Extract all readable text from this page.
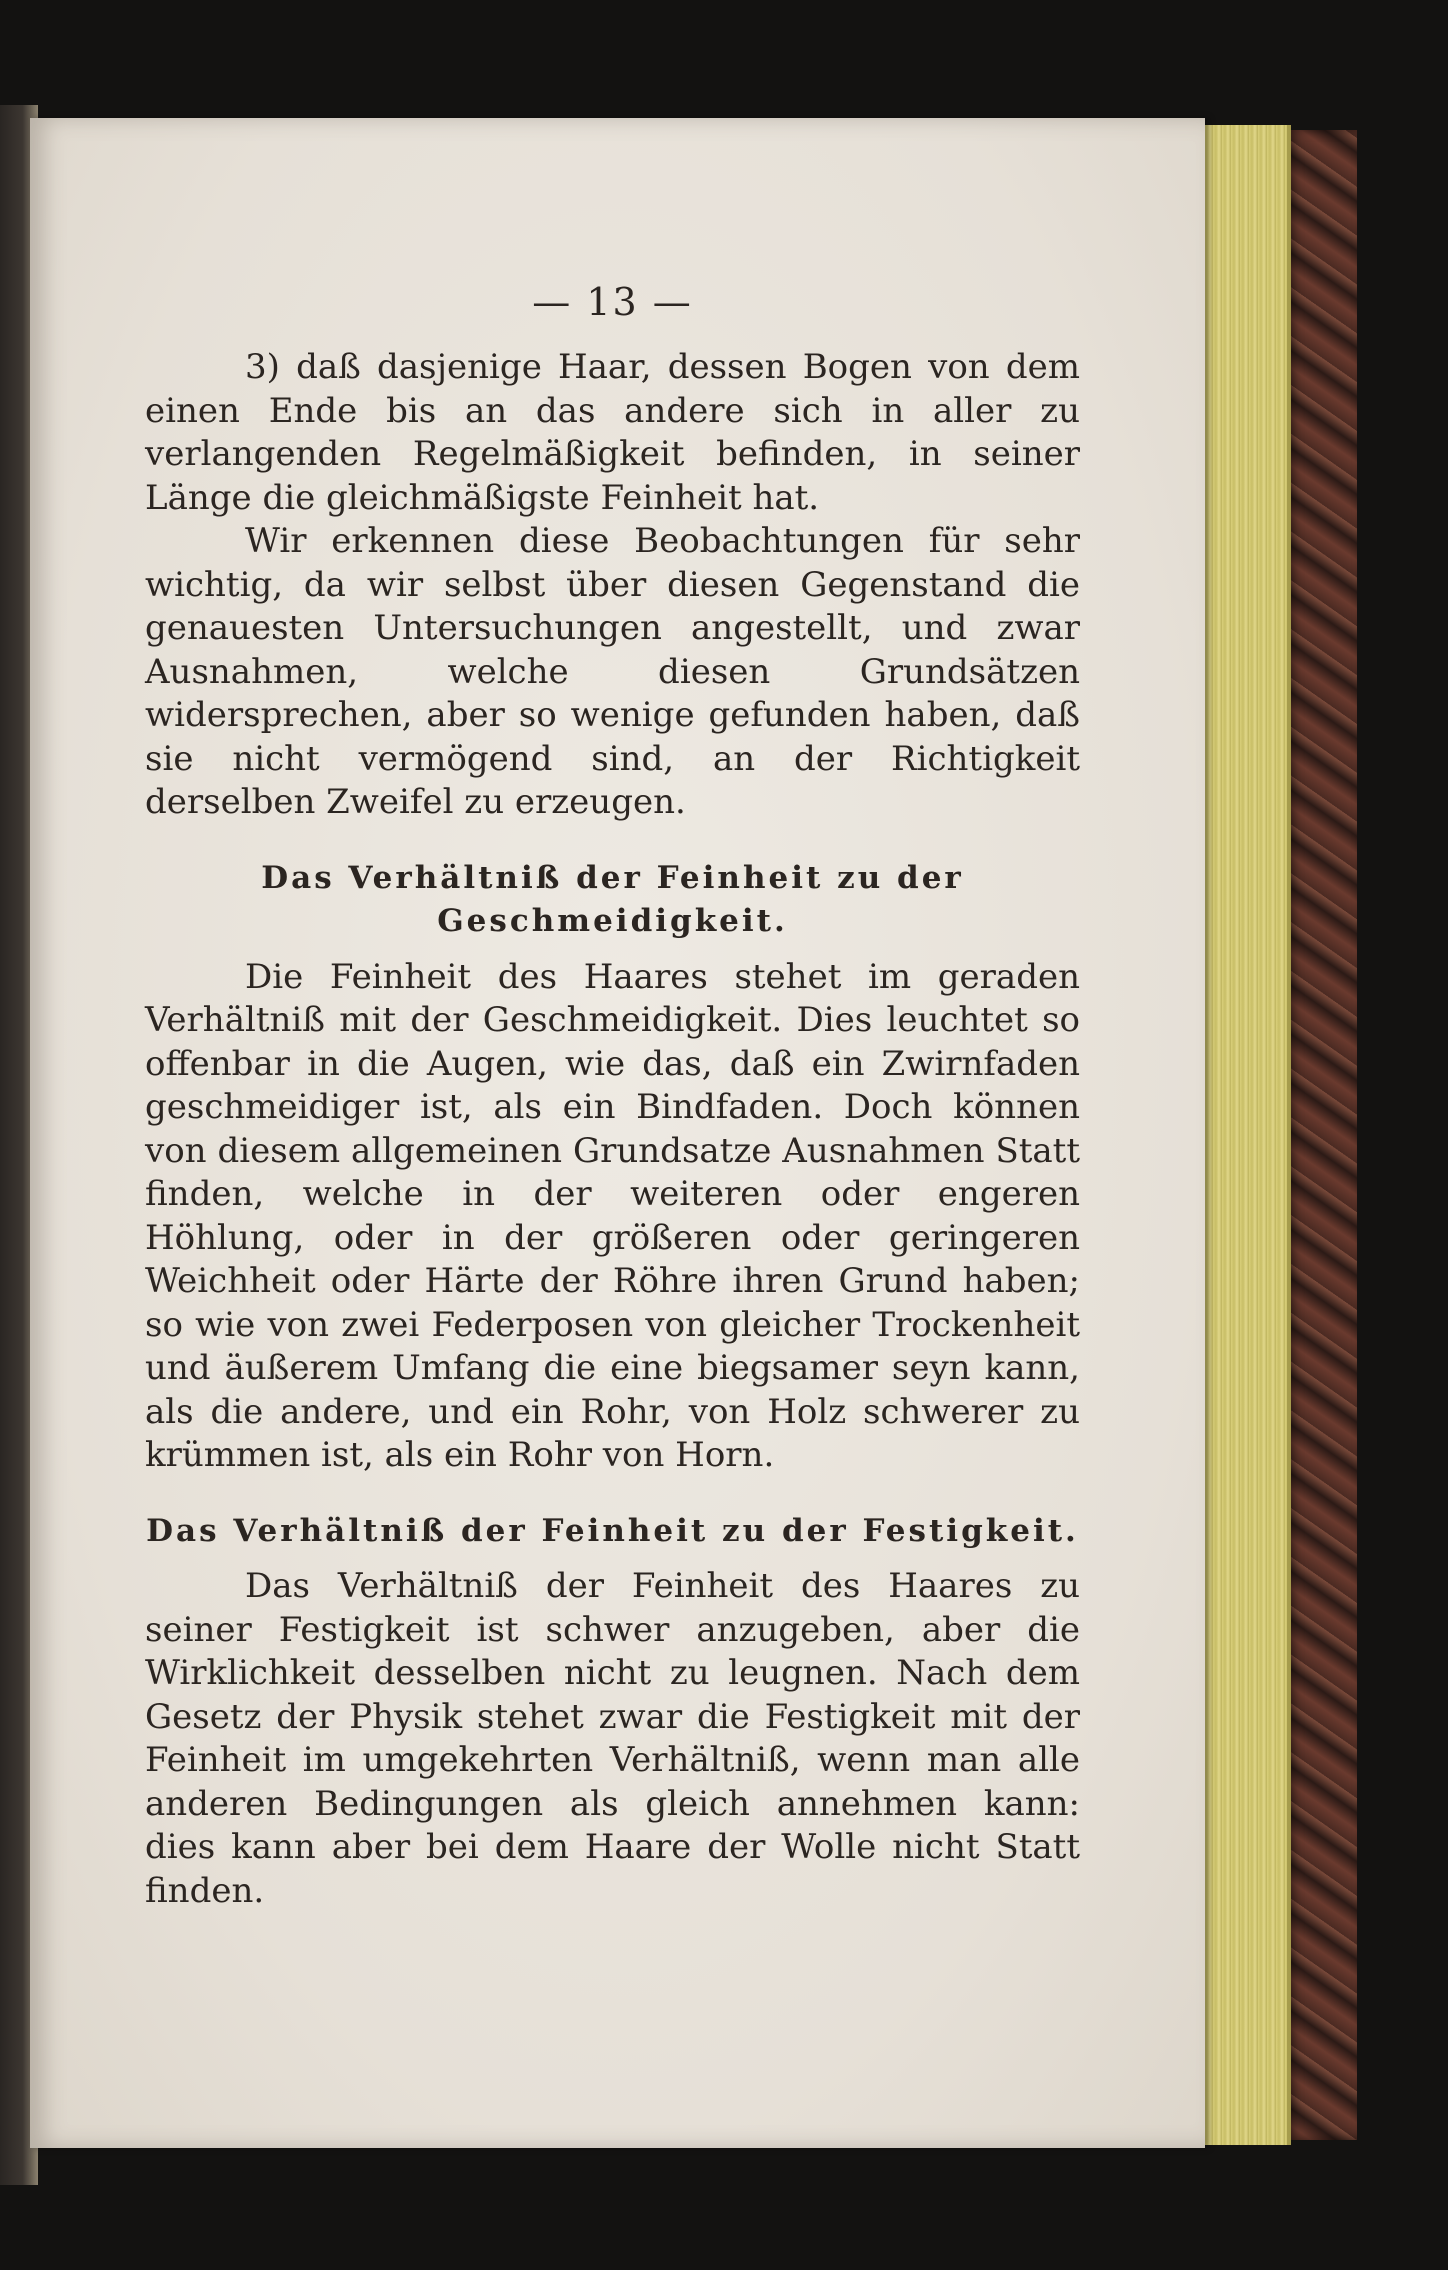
— 13 —

3) daß dasjenige Haar, dessen Bogen von dem einen Ende bis an das andere sich in aller zu verlangenden Regelmäßigkeit befinden, in seiner Länge die gleichmäßigste Feinheit hat.

Wir erkennen diese Beobachtungen für sehr wichtig, da wir selbst über diesen Gegenstand die genauesten Untersuchungen angestellt, und zwar Ausnahmen, welche diesen Grundsätzen widersprechen, aber so wenige gefunden haben, daß sie nicht vermögend sind, an der Richtigkeit derselben Zweifel zu erzeugen.

Das Verhältniß der Feinheit zu der Geschmeidigkeit.

Die Feinheit des Haares stehet im geraden Verhältniß mit der Geschmeidigkeit. Dies leuchtet so offenbar in die Augen, wie das, daß ein Zwirnfaden geschmeidiger ist, als ein Bindfaden. Doch können von diesem allgemeinen Grundsatze Ausnahmen Statt finden, welche in der weiteren oder engeren Höhlung, oder in der größeren oder geringeren Weichheit oder Härte der Röhre ihren Grund haben; so wie von zwei Federposen von gleicher Trockenheit und äußerem Umfang die eine biegsamer seyn kann, als die andere, und ein Rohr, von Holz schwerer zu krümmen ist, als ein Rohr von Horn.

Das Verhältniß der Feinheit zu der Festigkeit.

Das Verhältniß der Feinheit des Haares zu seiner Festigkeit ist schwer anzugeben, aber die Wirklichkeit desselben nicht zu leugnen. Nach dem Gesetz der Physik stehet zwar die Festigkeit mit der Feinheit im umgekehrten Verhältniß, wenn man alle anderen Bedingungen als gleich annehmen kann: dies kann aber bei dem Haare der Wolle nicht Statt finden.
